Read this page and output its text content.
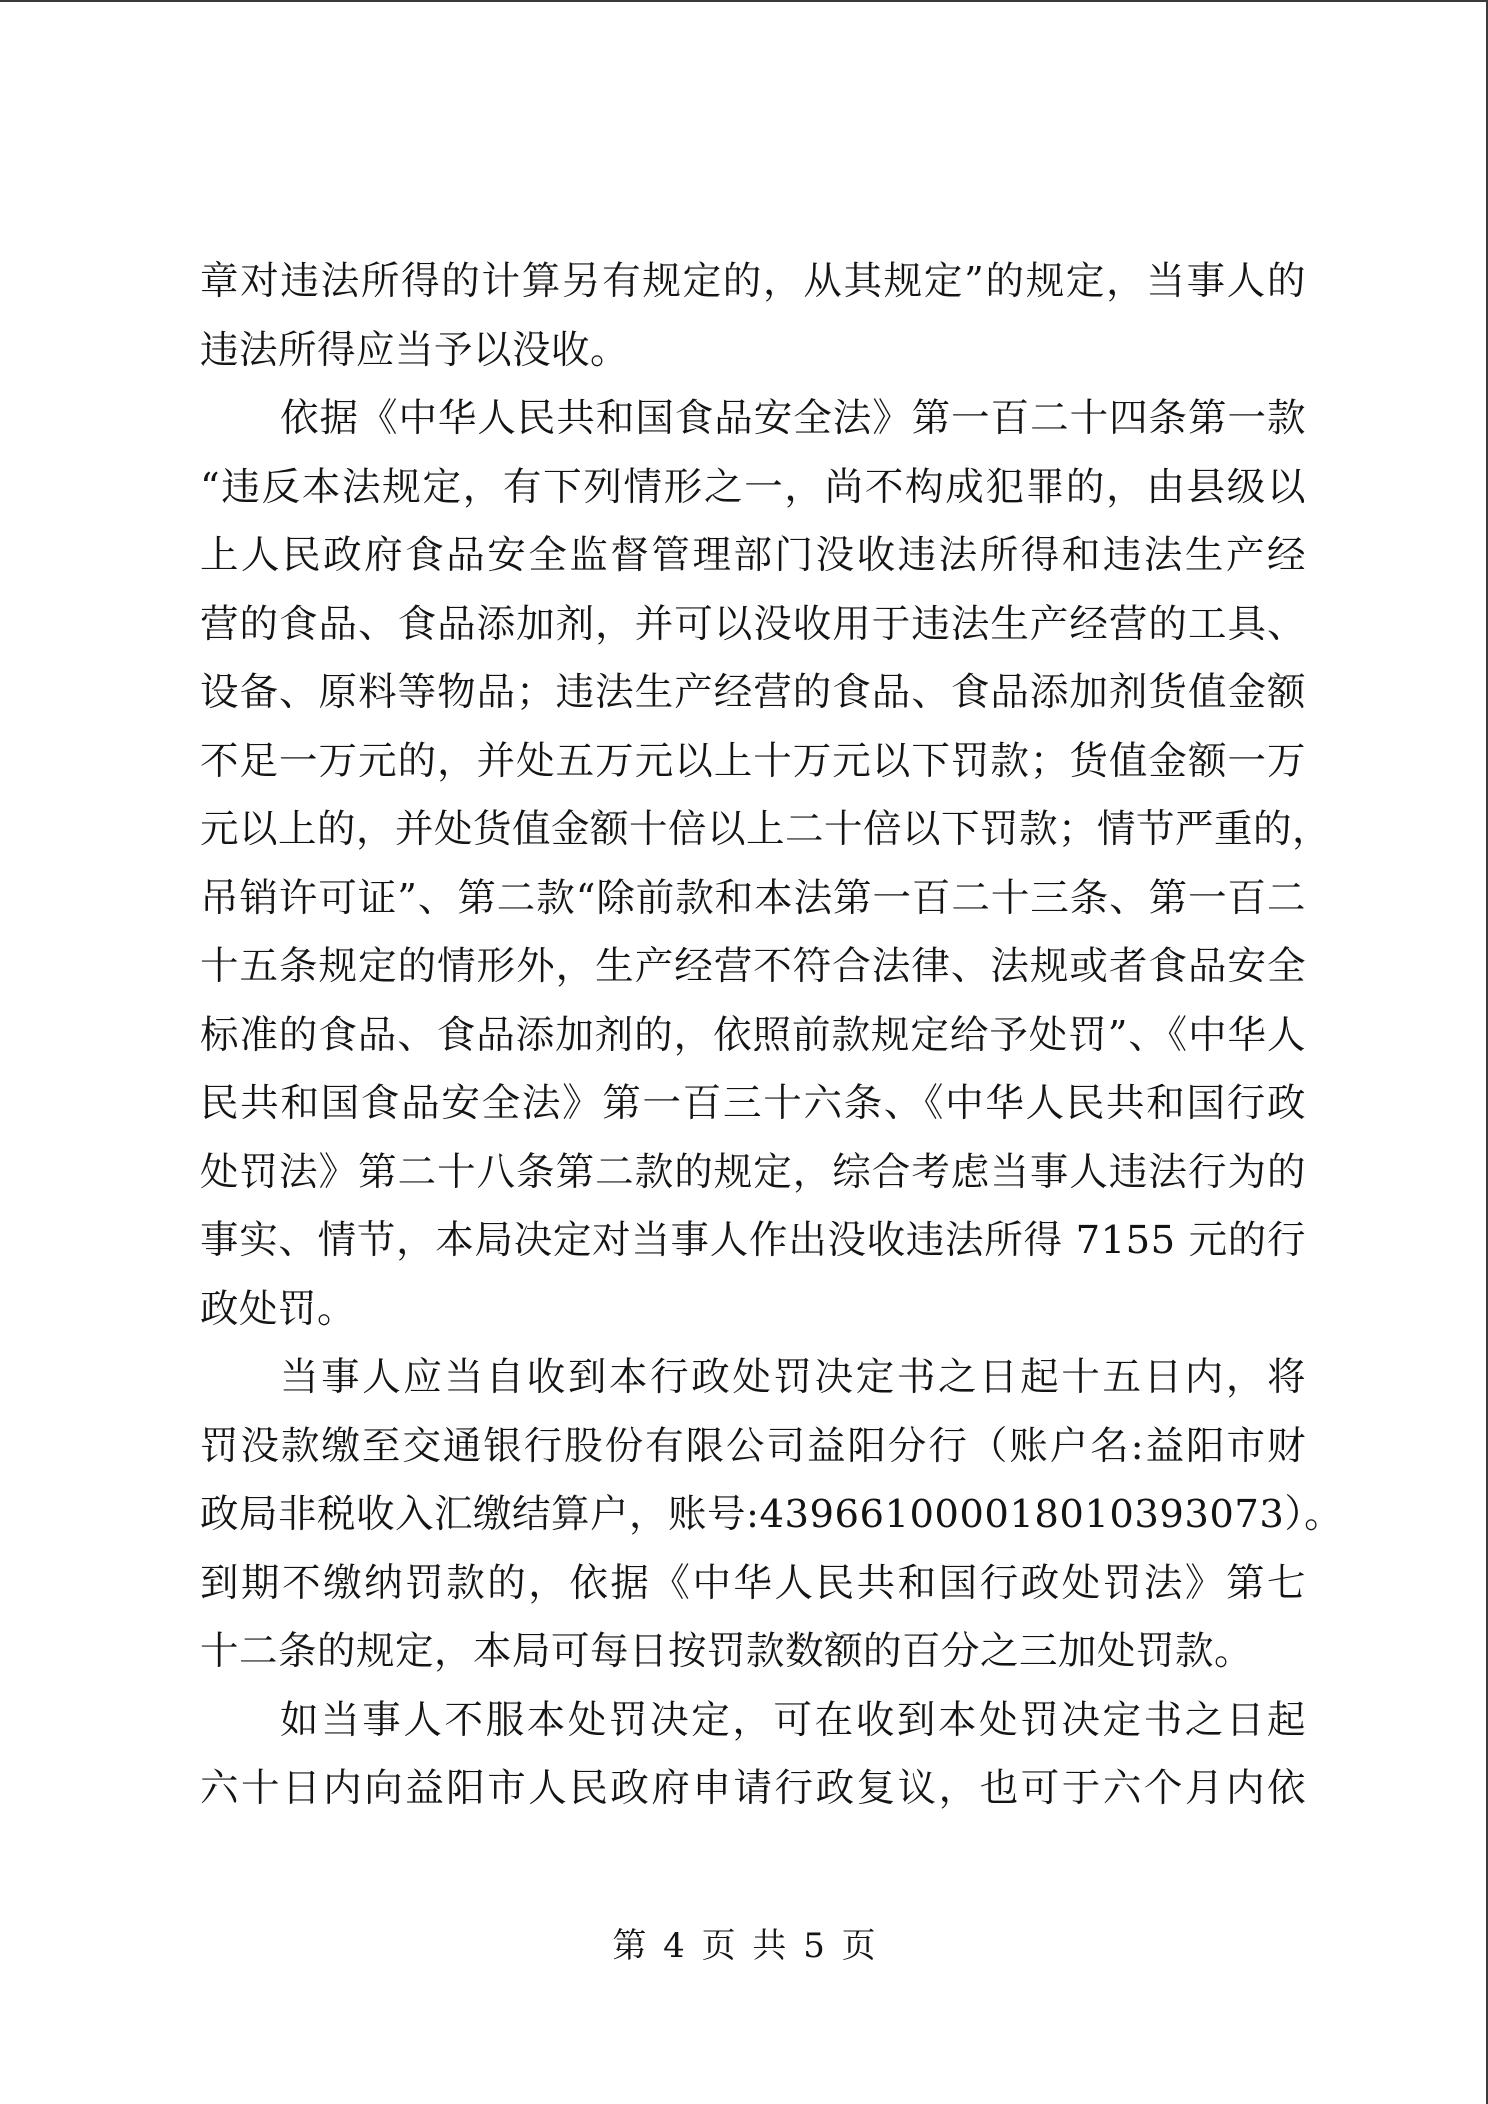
章对违法所得的计算另有规定的，从其规定”的规定，当事人的
违法所得应当予以没收。
依据《中华人民共和国食品安全法》第一百二十四条第一款
“违反本法规定，有下列情形之一，尚不构成犯罪的，由县级以
上人民政府食品安全监督管理部门没收违法所得和违法生产经
营的食品、食品添加剂，并可以没收用于违法生产经营的工具、
设备、原料等物品；违法生产经营的食品、食品添加剂货值金额
不足一万元的，并处五万元以上十万元以下罚款；货值金额一万
元以上的，并处货值金额十倍以上二十倍以下罚款；情节严重的，
吊销许可证”、第二款“除前款和本法第一百二十三条、第一百二
十五条规定的情形外，生产经营不符合法律、法规或者食品安全
标准的食品、食品添加剂的，依照前款规定给予处罚”、《中华人
民共和国食品安全法》第一百三十六条、《中华人民共和国行政
处罚法》第二十八条第二款的规定，综合考虑当事人违法行为的
事实、情节，本局决定对当事人作出没收违法所得 7155 元的行
政处罚。
当事人应当自收到本行政处罚决定书之日起十五日内，将
罚没款缴至交通银行股份有限公司益阳分行（账户名:益阳市财
政局非税收入汇缴结算户，账号:439661000018010393073）。
到期不缴纳罚款的，依据《中华人民共和国行政处罚法》第七
十二条的规定，本局可每日按罚款数额的百分之三加处罚款。
如当事人不服本处罚决定，可在收到本处罚决定书之日起
六十日内向益阳市人民政府申请行政复议，也可于六个月内依
第 4 页 共 5 页
